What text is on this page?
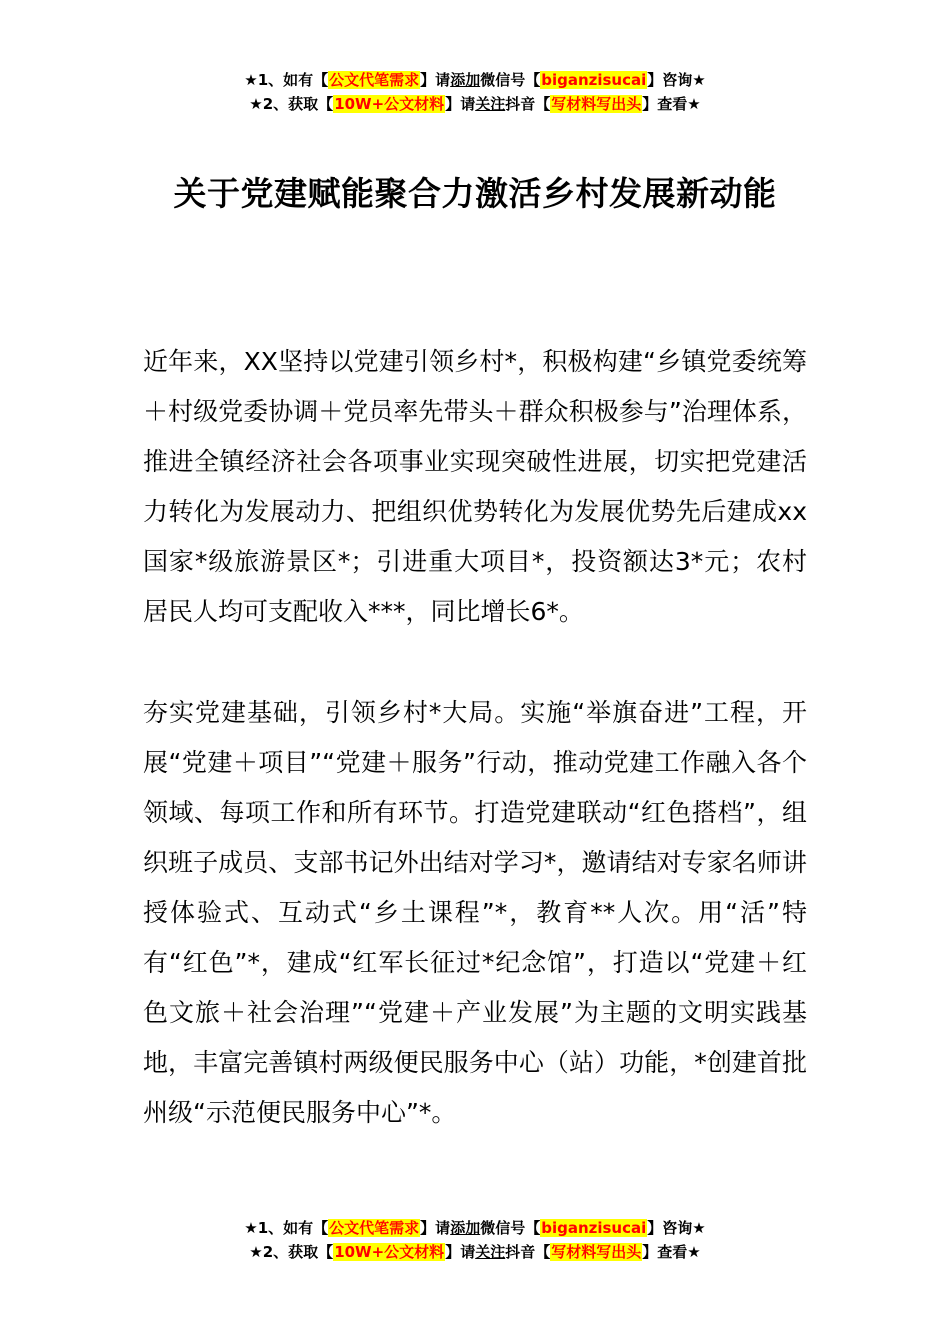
★1、如有【公文代笔需求】请添加微信号【biganzisucai】咨询★
★2、获取【10W+公文材料】请关注抖音【写材料写出头】查看★
关于党建赋能聚合力激活乡村发展新动能

近年来，XX坚持以党建引领乡村*，积极构建“乡镇党委统筹＋村级党委协调＋党员率先带头＋群众积极参与”治理体系，推进全镇经济社会各项事业实现突破性进展，切实把党建活力转化为发展动力、把组织优势转化为发展优势先后建成xx国家*级旅游景区*；引进重大项目*，投资额达3*元；农村居民人均可支配收入***，同比增长6*。

夯实党建基础，引领乡村*大局。实施“举旗奋进”工程，开展“党建＋项目”“党建＋服务”行动，推动党建工作融入各个领域、每项工作和所有环节。打造党建联动“红色搭档”，组织班子成员、支部书记外出结对学习*，邀请结对专家名师讲授体验式、互动式“乡土课程”*，教育**人次。用“活”特有“红色”*，建成“红军长征过*纪念馆”，打造以“党建＋红色文旅＋社会治理”“党建＋产业发展”为主题的文明实践基地，丰富完善镇村两级便民服务中心（站）功能，*创建首批州级“示范便民服务中心”*。

★1、如有【公文代笔需求】请添加微信号【biganzisucai】咨询★
★2、获取【10W+公文材料】请关注抖音【写材料写出头】查看★
